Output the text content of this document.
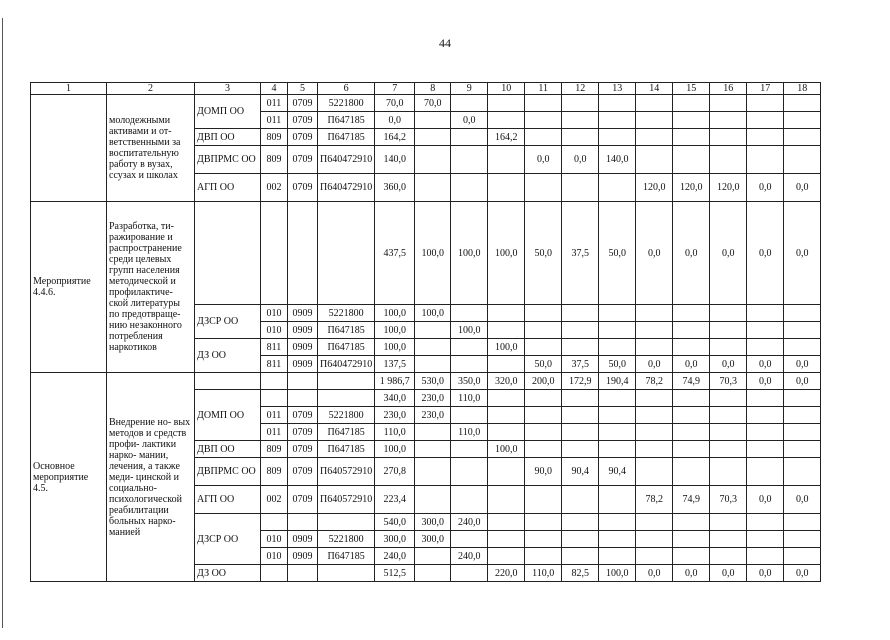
44
1	2	3	4	5	6	7	8	9	10	11	12	13	14	15	16	17	18
	молодежными активами и от- ветственными за воспитательную работу в вузах, ссузах и школах	ДОМП ОО	011	0709	5221800	70,0	70,0										
			011	0709	П647185	0,0		0,0									
		ДВП ОО	809	0709	П647185	164,2			164,2								
		ДВПРМС ОО	809	0709	П640472910	140,0				0,0	0,0	140,0					
		АГП ОО	002	0709	П640472910	360,0							120,0	120,0	120,0	0,0	0,0
Мероприятие 4.4.6.	Разработка, ти- ражирование и распространение среди целевых групп населения методической и профилактиче- ской литературы по предотвраще- нию незаконного потребления наркотиков					437,5	100,0	100,0	100,0	50,0	37,5	50,0	0,0	0,0	0,0	0,0	0,0
		ДЗСР ОО	010	0909	5221800	100,0	100,0										
			010	0909	П647185	100,0		100,0									
		ДЗ ОО	811	0909	П647185	100,0			100,0								
			811	0909	П640472910	137,5				50,0	37,5	50,0	0,0	0,0	0,0	0,0	0,0
Основное мероприятие 4.5.	Внедрение но- вых методов и средств профи- лактики нарко- мании, лечения, а также меди- цинской и социально- психологической реабилитации больных нарко- манией					1 986,7	530,0	350,0	320,0	200,0	172,9	190,4	78,2	74,9	70,3	0,0	0,0
		ДОМП ОО				340,0	230,0	110,0									
			011	0709	5221800	230,0	230,0										
			011	0709	П647185	110,0		110,0									
		ДВП ОО	809	0709	П647185	100,0			100,0								
		ДВПРМС ОО	809	0709	П640572910	270,8				90,0	90,4	90,4					
		АГП ОО	002	0709	П640572910	223,4							78,2	74,9	70,3	0,0	0,0
		ДЗСР ОО				540,0	300,0	240,0									
			010	0909	5221800	300,0	300,0										
			010	0909	П647185	240,0		240,0									
		ДЗ ОО				512,5			220,0	110,0	82,5	100,0	0,0	0,0	0,0	0,0	0,0
